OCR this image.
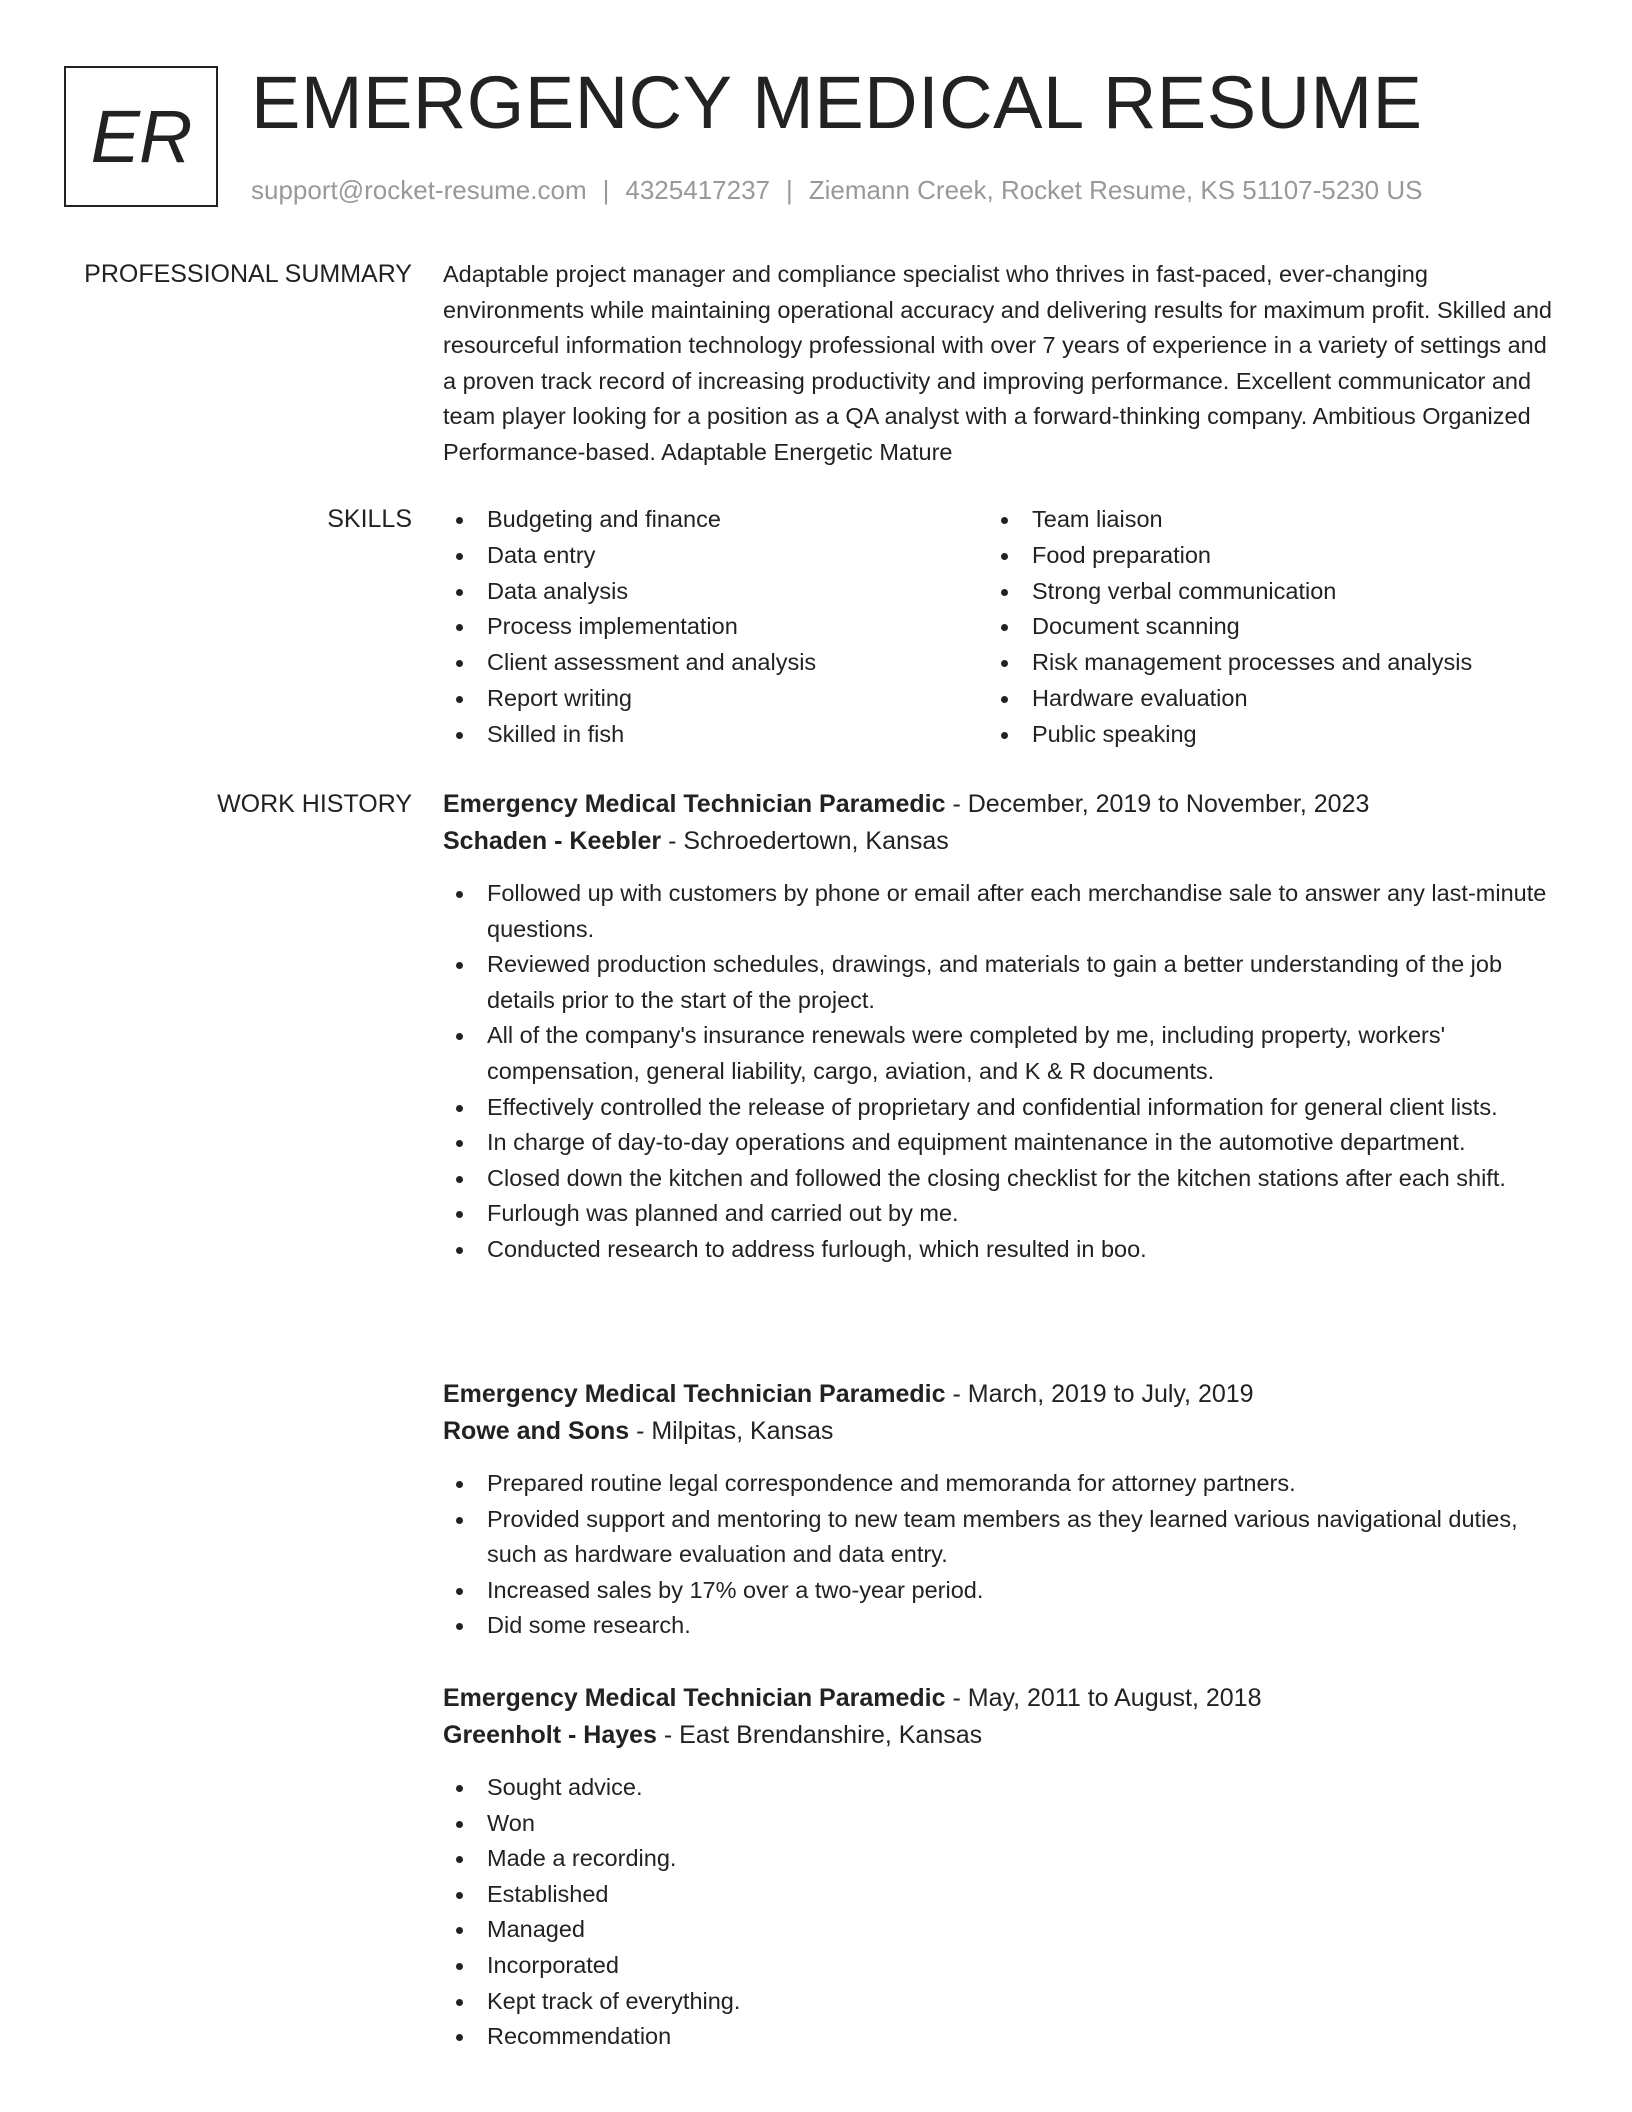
ER EMERGENCY MEDICAL RESUME
support@rocket-resume.com | 4325417237 | Ziemann Creek, Rocket Resume, KS 51107-5230 US
PROFESSIONAL SUMMARY Adaptable project manager and compliance specialist who thrives in fast-paced, ever-changing environments while maintaining operational accuracy and delivering results for maximum profit. Skilled and resourceful information technology professional with over 7 years of experience in a variety of settings and a proven track record of increasing productivity and improving performance. Excellent communicator and team player looking for a position as a QA analyst with a forward-thinking company. Ambitious Organized Performance-based. Adaptable Energetic Mature

SKILLS	Budgeting and finance
Data entry
Data analysis
Process implementation
Client assessment and analysis
Report writing
Skilled in fish
Team liaison
Food preparation
Strong verbal communication
Document scanning
Risk management processes and analysis
Hardware evaluation
Public speaking
WORK HISTORY Emergency Medical Technician Paramedic - December, 2019 to November, 2023
Schaden - Keebler - Schroedertown, Kansas
Followed up with customers by phone or email after each merchandise sale to answer any last-minute questions.
Reviewed production schedules, drawings, and materials to gain a better understanding of the job details prior to the start of the project.
All of the company's insurance renewals were completed by me, including property, workers' compensation, general liability, cargo, aviation, and K & R documents.
Effectively controlled the release of proprietary and confidential information for general client lists.
In charge of day-to-day operations and equipment maintenance in the automotive department.
Closed down the kitchen and followed the closing checklist for the kitchen stations after each shift.
Furlough was planned and carried out by me.
Conducted research to address furlough, which resulted in boo.
Emergency Medical Technician Paramedic - March, 2019 to July, 2019
Rowe and Sons - Milpitas, Kansas
Prepared routine legal correspondence and memoranda for attorney partners.
Provided support and mentoring to new team members as they learned various navigational duties, such as hardware evaluation and data entry.
Increased sales by 17% over a two-year period.
Did some research.
Emergency Medical Technician Paramedic - May, 2011 to August, 2018
Greenholt - Hayes - East Brendanshire, Kansas
Sought advice.
Won
Made a recording.
Established
Managed
Incorporated
Kept track of everything.
Recommendation
